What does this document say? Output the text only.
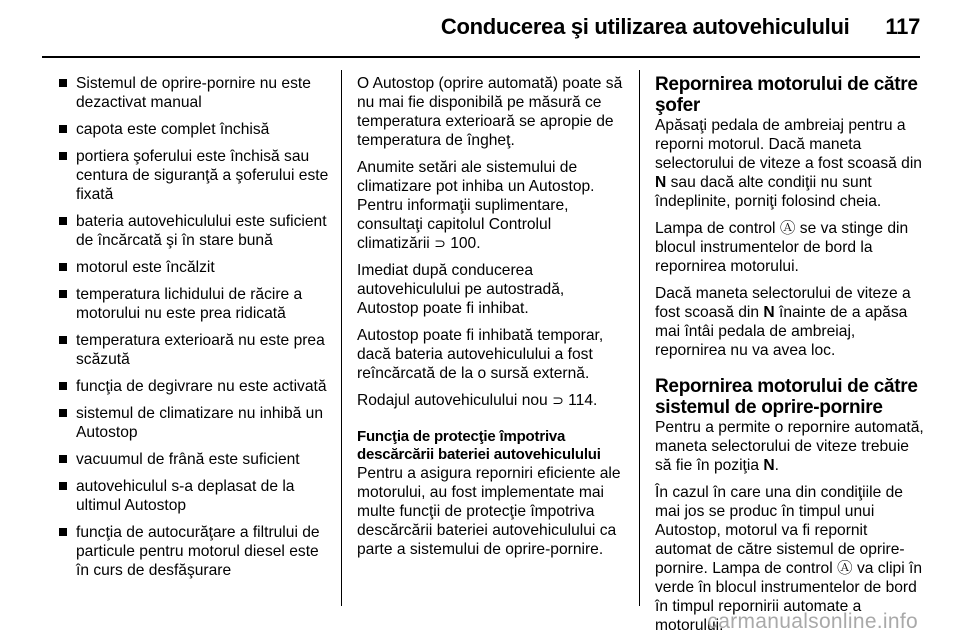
Conducerea şi utilizarea autovehiculului 117
Sistemul de oprire-pornire nu este dezactivat manual
capota este complet închisă
portiera şoferului este închisă sau centura de siguranţă a şoferului este fixată
bateria autovehiculului este suficient de încărcată şi în stare bună
motorul este încălzit
temperatura lichidului de răcire a motorului nu este prea ridicată
temperatura exterioară nu este prea scăzută
funcţia de degivrare nu este activată
sistemul de climatizare nu inhibă un Autostop
vacuumul de frână este suficient
autovehiculul s-a deplasat de la ultimul Autostop
funcţia de autocurăţare a filtrului de particule pentru motorul diesel este în curs de desfăşurare

O Autostop (oprire automată) poate să nu mai fie disponibilă pe măsură ce temperatura exterioară se apropie de temperatura de îngheţ.

Anumite setări ale sistemului de climatizare pot inhiba un Autostop. Pentru informaţii suplimentare, consultaţi capitolul Controlul climatizării ⊃ 100.

Imediat după conducerea autovehiculului pe autostradă, Autostop poate fi inhibat.

Autostop poate fi inhibată temporar, dacă bateria autovehiculului a fost reîncărcată de la o sursă externă.

Rodajul autovehiculului nou ⊃ 114.

Funcţia de protecţie împotriva descărcării bateriei autovehiculului

Pentru a asigura reporniri eficiente ale motorului, au fost implementate mai multe funcţii de protecţie împotriva descărcării bateriei autovehiculului ca parte a sistemului de oprire-pornire.

Repornirea motorului de către şofer

Apăsaţi pedala de ambreiaj pentru a reporni motorul. Dacă maneta selectorului de viteze a fost scoasă din N sau dacă alte condiţii nu sunt îndeplinite, porniţi folosind cheia.

Lampa de control Ⓐ se va stinge din blocul instrumentelor de bord la repornirea motorului.

Dacă maneta selectorului de viteze a fost scoasă din N înainte de a apăsa mai întâi pedala de ambreiaj, repornirea nu va avea loc.

Repornirea motorului de către sistemul de oprire-pornire

Pentru a permite o repornire automată, maneta selectorului de viteze trebuie să fie în poziţia N.

În cazul în care una din condiţiile de mai jos se produc în timpul unui Autostop, motorul va fi repornit automat de către sistemul de oprire-pornire. Lampa de control Ⓐ va clipi în verde în blocul instrumentelor de bord în timpul repornirii automate a motorului.

carmanualsonline.info
